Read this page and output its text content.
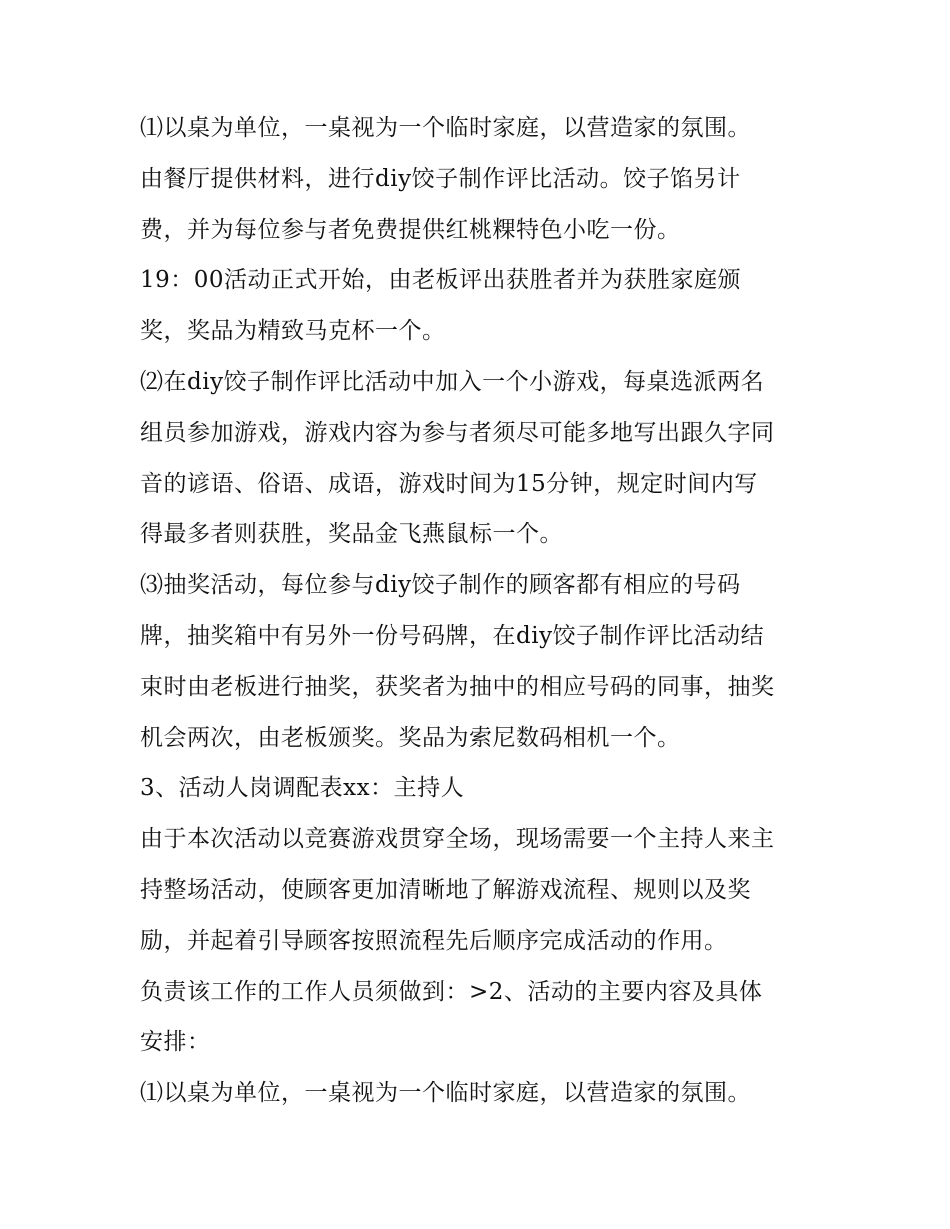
⑴以桌为单位，一桌视为一个临时家庭，以营造家的氛围。
由餐厅提供材料，进行diy饺子制作评比活动。饺子馅另计
费，并为每位参与者免费提供红桃粿特色小吃一份。
19：00活动正式开始，由老板评出获胜者并为获胜家庭颁
奖，奖品为精致马克杯一个。
⑵在diy饺子制作评比活动中加入一个小游戏，每桌选派两名
组员参加游戏，游戏内容为参与者须尽可能多地写出跟久字同
音的谚语、俗语、成语，游戏时间为15分钟，规定时间内写
得最多者则获胜，奖品金飞燕鼠标一个。
⑶抽奖活动，每位参与diy饺子制作的顾客都有相应的号码
牌，抽奖箱中有另外一份号码牌，在diy饺子制作评比活动结
束时由老板进行抽奖，获奖者为抽中的相应号码的同事，抽奖
机会两次，由老板颁奖。奖品为索尼数码相机一个。
3、活动人岗调配表xx：主持人
由于本次活动以竞赛游戏贯穿全场，现场需要一个主持人来主
持整场活动，使顾客更加清晰地了解游戏流程、规则以及奖
励，并起着引导顾客按照流程先后顺序完成活动的作用。
负责该工作的工作人员须做到：>2、活动的主要内容及具体
安排：
⑴以桌为单位，一桌视为一个临时家庭，以营造家的氛围。
